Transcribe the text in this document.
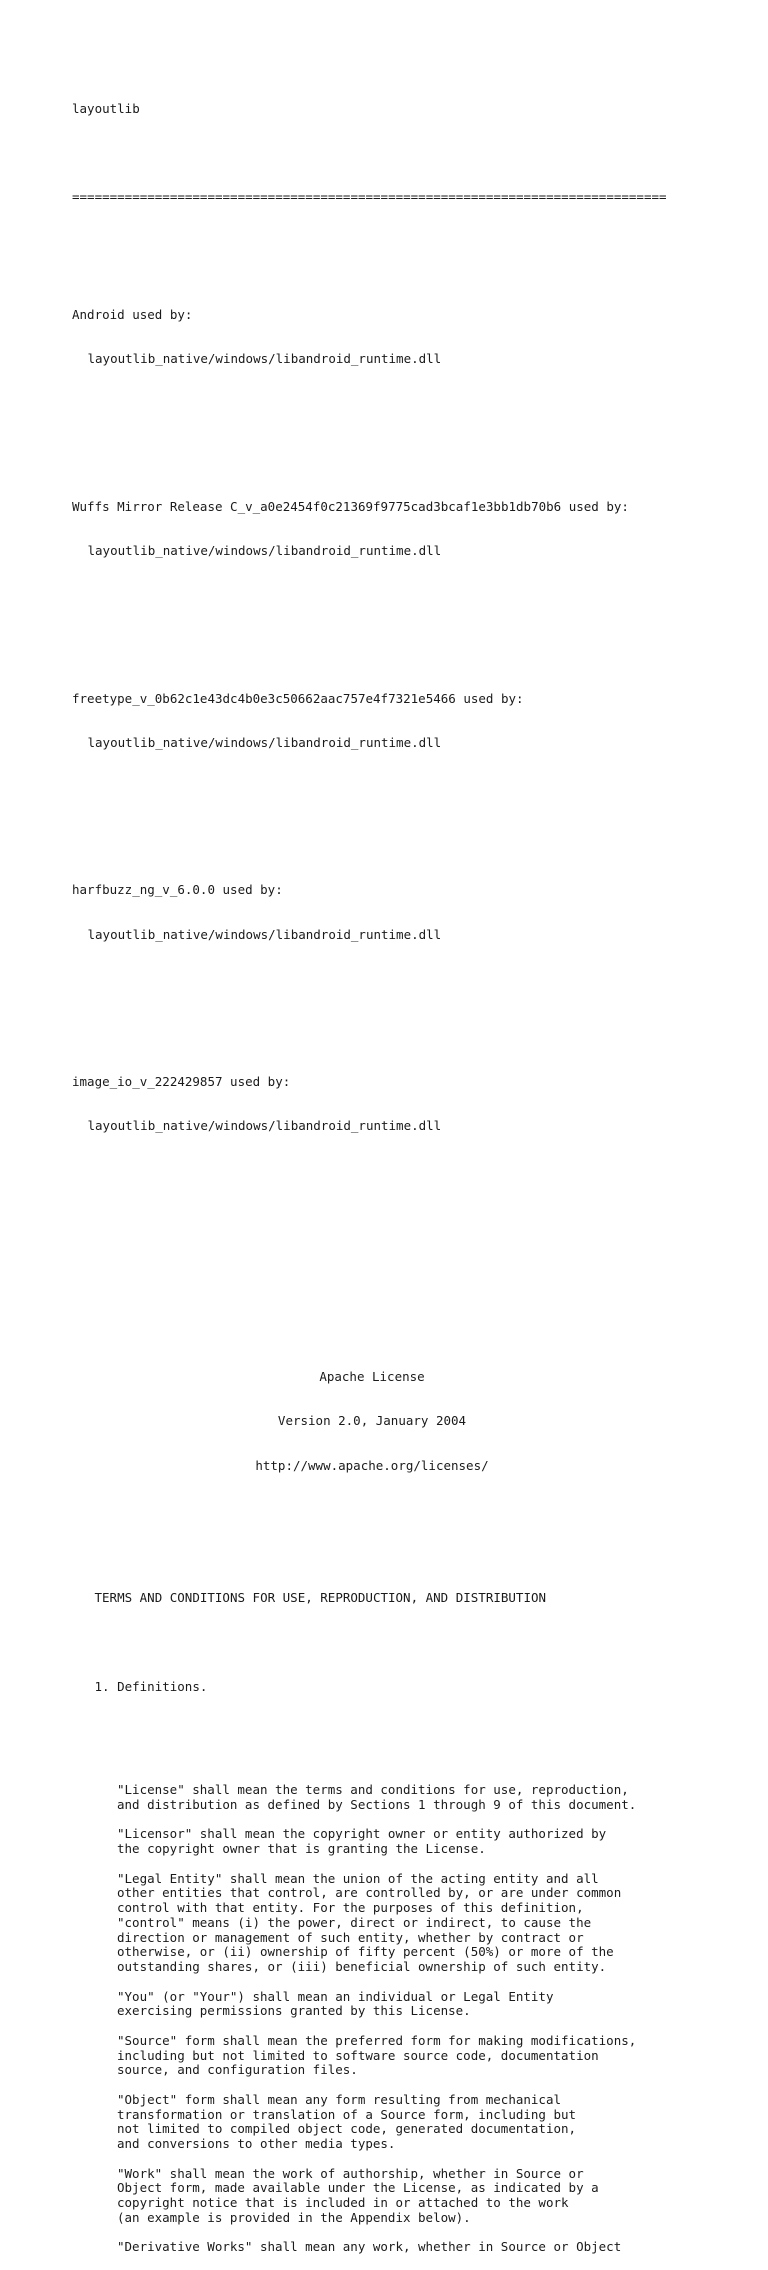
layoutlib

===============================================================================

Android used by:

layoutlib_native/windows/libandroid_runtime.dll

Wuffs Mirror Release C_v_a0e2454f0c21369f9775cad3bcaf1e3bb1db70b6 used by:

layoutlib_native/windows/libandroid_runtime.dll

freetype_v_0b62c1e43dc4b0e3c50662aac757e4f7321e5466 used by:

layoutlib_native/windows/libandroid_runtime.dll

harfbuzz_ng_v_6.0.0 used by:

layoutlib_native/windows/libandroid_runtime.dll

image_io_v_222429857 used by:

layoutlib_native/windows/libandroid_runtime.dll

Apache License

Version 2.0, January 2004

http://www.apache.org/licenses/

TERMS AND CONDITIONS FOR USE, REPRODUCTION, AND DISTRIBUTION

1. Definitions.

"License" shall mean the terms and conditions for use, reproduction,
and distribution as defined by Sections 1 through 9 of this document.
"Licensor" shall mean the copyright owner or entity authorized by
the copyright owner that is granting the License.
"Legal Entity" shall mean the union of the acting entity and all
other entities that control, are controlled by, or are under common
control with that entity. For the purposes of this definition,
"control" means (i) the power, direct or indirect, to cause the
direction or management of such entity, whether by contract or
otherwise, or (ii) ownership of fifty percent (50%) or more of the
outstanding shares, or (iii) beneficial ownership of such entity.
"You" (or "Your") shall mean an individual or Legal Entity
exercising permissions granted by this License.
"Source" form shall mean the preferred form for making modifications,
including but not limited to software source code, documentation
source, and configuration files.
"Object" form shall mean any form resulting from mechanical
transformation or translation of a Source form, including but
not limited to compiled object code, generated documentation,
and conversions to other media types.
"Work" shall mean the work of authorship, whether in Source or
Object form, made available under the License, as indicated by a
copyright notice that is included in or attached to the work
(an example is provided in the Appendix below).
"Derivative Works" shall mean any work, whether in Source or Object
